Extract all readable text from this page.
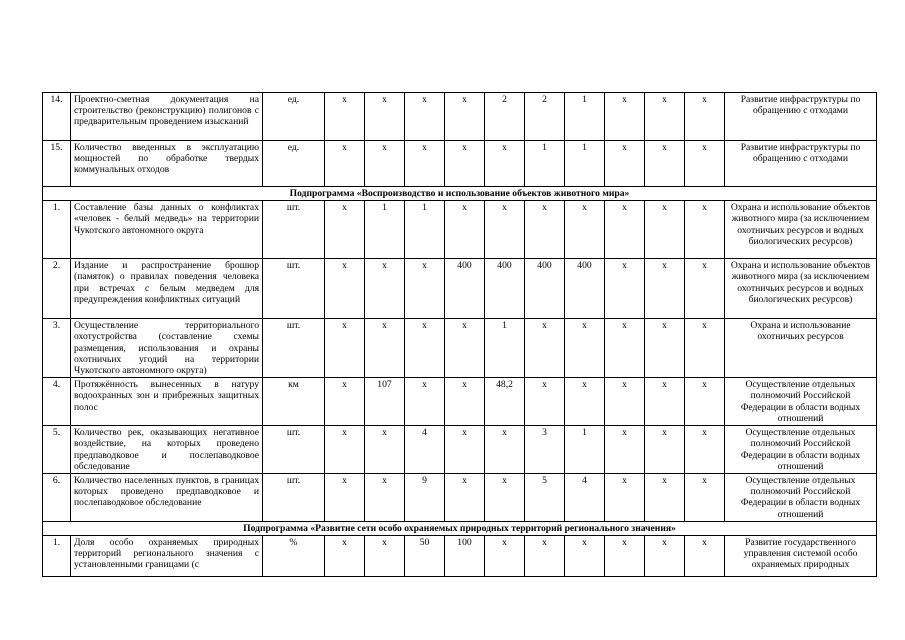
14.	Проектно-сметная документация на строительство (реконструкцию) полигонов с предварительным проведением изысканий	ед.	х	х	х	х	2	2	1	х	х	х	Развитие инфраструктуры по обращению с отходами
15.	Количество введенных в эксплуатацию мощностей по обработке твердых коммунальных отходов	ед.	х	х	х	х	х	1	1	х	х	х	Развитие инфраструктуры по обращению с отходами
Подпрограмма «Воспроизводство и использование объектов животного мира»													
1.	Составление базы данных о конфликтах «человек - белый медведь» на территории Чукотского автономного округа	шт.	х	1	1	х	х	х	х	х	х	х	Охрана и использование объектов животного мира (за исключением охотничьих ресурсов и водных биологических ресурсов)
2.	Издание и распространение брошюр (памяток) о правилах поведения человека при встречах с белым медведем для предупреждения конфликтных ситуаций	шт.	х	х	х	400	400	400	400	х	х	х	Охрана и использование объектов животного мира (за исключением охотничьих ресурсов и водных биологических ресурсов)
3.	Осуществление территориального охотустройства (составление схемы размещения, использования и охраны охотничьих угодий на территории Чукотского автономного округа)	шт.	х	х	х	х	1	х	х	х	х	х	Охрана и использование охотничьих ресурсов
4.	Протяжённость вынесенных в натуру водоохранных зон и прибрежных защитных полос	км	х	107	х	х	48,2	х	х	х	х	х	Осуществление отдельных полномочий Российской Федерации в области водных отношений
5.	Количество рек, оказывающих негативное воздействие, на которых проведено предпаводковое и послепаводковое обследование	шт.	х	х	4	х	х	3	1	х	х	х	Осуществление отдельных полномочий Российской Федерации в области водных отношений
6.	Количество населенных пунктов, в границах которых проведено предпаводковое и послепаводковое обследование	шт.	х	х	9	х	х	5	4	х	х	х	Осуществление отдельных полномочий Российской Федерации в области водных отношений
Подпрограмма «Развитие сети особо охраняемых природных территорий регионального значения»													
1.	Доля особо охраняемых природных территорий регионального значения с установленными границами (с	%	х	х	50	100	х	х	х	х	х	х	Развитие государственного управления системой особо охраняемых природных
